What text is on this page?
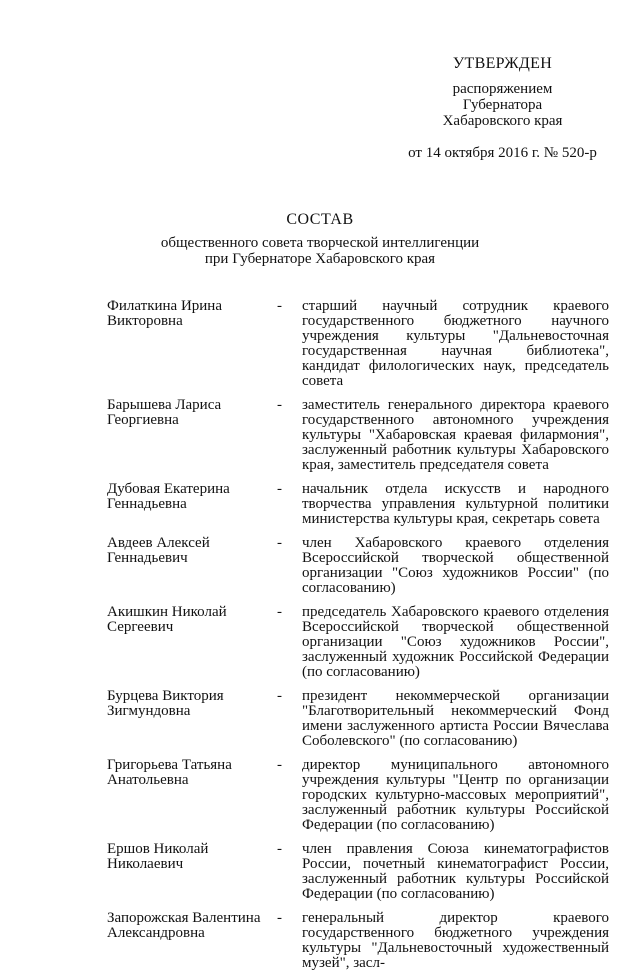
УТВЕРЖДЕН
распоряжением
Губернатора
Хабаровского края
от 14 октября 2016 г. № 520-р
СОСТАВ
общественного совета творческой интеллигенции
при Губернаторе Хабаровского края
Филаткина Ирина
Викторовна
-	старший научный сотрудник краевого государственного бюджетного научного учреждения культуры "Дальневосточная государственная научная библиотека", кандидат филологических наук, председатель совета
Барышева Лариса
Георгиевна
-	заместитель генерального директора краевого государственного автономного учреждения культуры "Хабаровская краевая филармония", заслуженный работник культуры Хабаровского края, заместитель председателя совета
Дубовая Екатерина
Геннадьевна
-	начальник отдела искусств и народного творчества управления культурной политики министерства культуры края, секретарь совета
Авдеев Алексей
Геннадьевич
-	член Хабаровского краевого отделения Всероссийской творческой общественной организации "Союз художников России" (по согласованию)
Акишкин Николай
Сергеевич
-	председатель Хабаровского краевого отделения Всероссийской творческой общественной организации "Союз художников России", заслуженный художник Российской Федерации (по согласованию)
Бурцева Виктория
Зигмундовна
-	президент некоммерческой организации "Благотворительный некоммерческий Фонд имени заслуженного артиста России Вячеслава Соболевского" (по согласованию)
Григорьева Татьяна
Анатольевна
-	директор муниципального автономного учреждения культуры "Центр по организации городских культурно-массовых мероприятий", заслуженный работник культуры Российской Федерации (по согласованию)
Ершов Николай
Николаевич
-	член правления Союза кинематографистов России, почетный кинематографист России, заслуженный работник культуры Российской Федерации (по согласованию)
Запорожская Валентина
Александровна
-	генеральный директор краевого государственного бюджетного учреждения культуры "Дальневосточный художественный музей", засл-
